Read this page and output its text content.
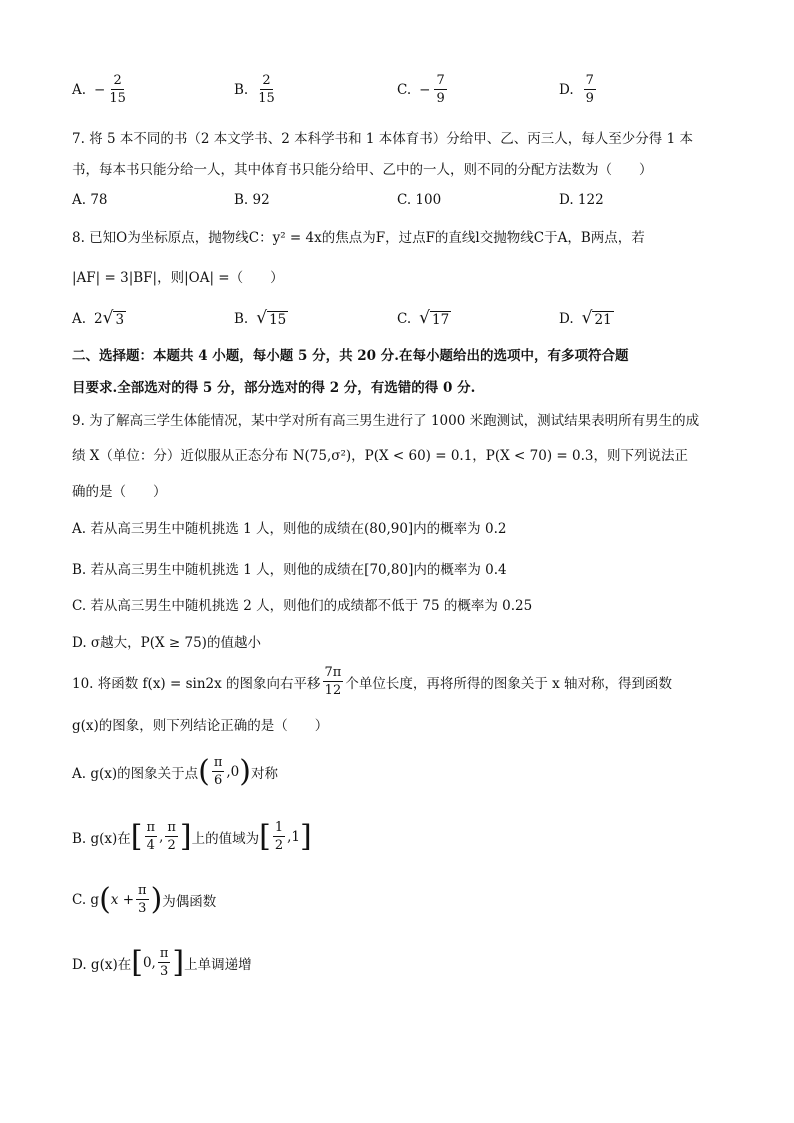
A. − $\frac{2}{15}$	B. $\frac{2}{15}$	C. − $\frac{7}{9}$	D. $\frac{7}{9}$
7. 将 5 本不同的书（2 本文学书、2 本科学书和 1 本体育书）分给甲、乙、丙三人，每人至少分得 1 本
书，每本书只能分给一人，其中体育书只能分给甲、乙中的一人，则不同的分配方法数为（　　）
A. 78	B. 92	C. 100	D. 122
8. 已知O为坐标原点，抛物线C：y² = 4x的焦点为F，过点F的直线l交抛物线C于A，B两点，若
|AF| = 3|BF|，则|OA| =（　　）
A. 2 √ 3	B. √ 15	C. √ 17	D. √ 21
二、选择题：本题共 4 小题，每小题 5 分，共 20 分.在每小题给出的选项中，有多项符合题
目要求.全部选对的得 5 分，部分选对的得 2 分，有选错的得 0 分.
9. 为了解高三学生体能情况，某中学对所有高三男生进行了 1000 米跑测试，测试结果表明所有男生的成
绩 X（单位：分）近似服从正态分布 N(75,σ²)，P(X < 60) = 0.1，P(X < 70) = 0.3，则下列说法正
确的是（　　）
A. 若从高三男生中随机挑选 1 人，则他的成绩在(80,90]内的概率为 0.2
B. 若从高三男生中随机挑选 1 人，则他的成绩在[70,80]内的概率为 0.4
C. 若从高三男生中随机挑选 2 人，则他们的成绩都不低于 75 的概率为 0.25
D. σ越大，P(X ≥ 75)的值越小
10. 将函数 f(x) = sin2x 的图象向右平移 $\frac{7\pi}{12}$ 个单位长度，再将所得的图象关于 x 轴对称，得到函数
g(x)的图象，则下列结论正确的是（　　）
A. g(x)的图象关于点 ( $\frac{\pi}{6} ,0$ ) 对称
B. g(x)在 [ $\frac{\pi}{4}$ , $\frac{\pi}{2}$ ] 上的值域为 [ $\frac{1}{2} ,1$ ]
C. g ( $x + \frac{\pi}{3}$ ) 为偶函数
D. g(x)在 [ 0, $\frac{\pi}{3}$ ] 上单调递增
